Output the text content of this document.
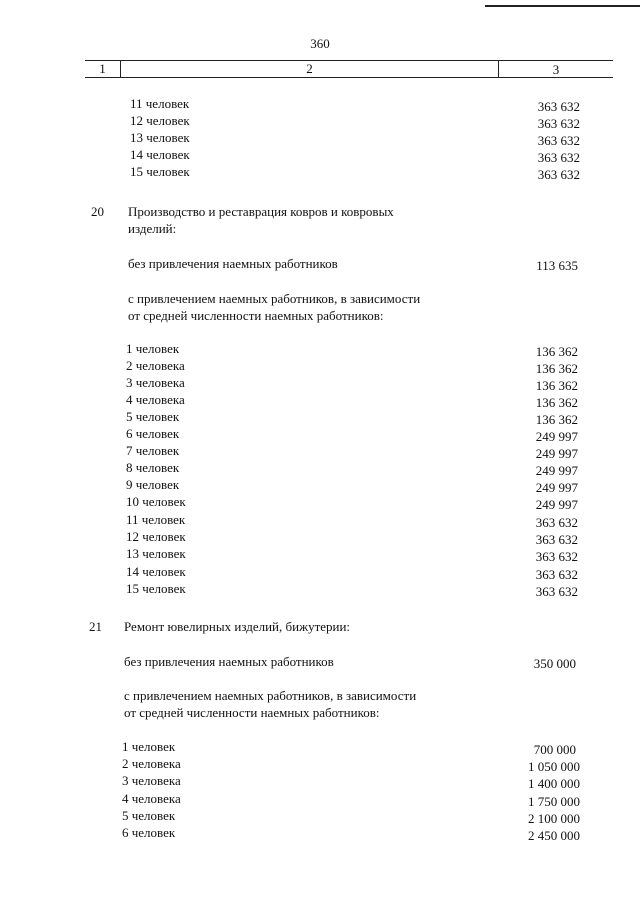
360
1	2	3
11 человек	363 632
12 человек	363 632
13 человек	363 632
14 человек	363 632
15 человек	363 632
20 Производство и реставрация ковров и ковровых
изделий:
без привлечения наемных работников	113 635
с привлечением наемных работников, в зависимости
от средней численности наемных работников:
1 человек	136 362
2 человека	136 362
3 человека	136 362
4 человека	136 362
5 человек	136 362
6 человек	249 997
7 человек	249 997
8 человек	249 997
9 человек	249 997
10 человек	249 997
11 человек	363 632
12 человек	363 632
13 человек	363 632
14 человек	363 632
15 человек	363 632
21 Ремонт ювелирных изделий, бижутерии:
без привлечения наемных работников	350 000
с привлечением наемных работников, в зависимости
от средней численности наемных работников:
1 человек	700 000
2 человека	1 050 000
3 человека	1 400 000
4 человека	1 750 000
5 человек	2 100 000
6 человек	2 450 000
